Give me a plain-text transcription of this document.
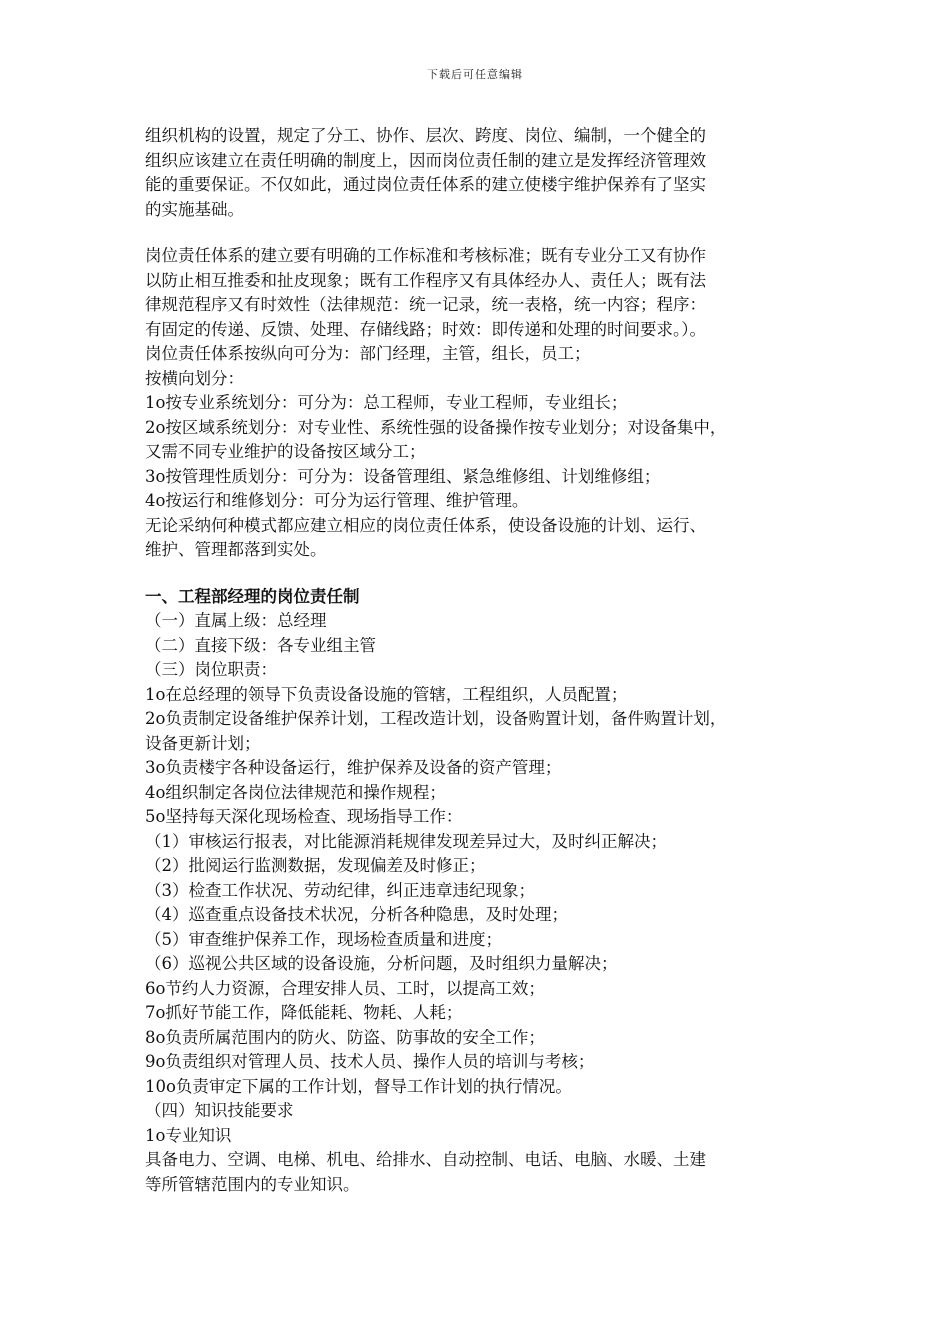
下载后可任意编辑
组织机构的设置，规定了分工、协作、层次、跨度、岗位、编制，一个健全的
组织应该建立在责任明确的制度上，因而岗位责任制的建立是发挥经济管理效
能的重要保证。不仅如此，通过岗位责任体系的建立使楼宇维护保养有了坚实
的实施基础。
岗位责任体系的建立要有明确的工作标准和考核标准；既有专业分工又有协作
以防止相互推委和扯皮现象；既有工作程序又有具体经办人、责任人；既有法
律规范程序又有时效性（法律规范：统一记录，统一表格，统一内容；程序：
有固定的传递、反馈、处理、存储线路；时效：即传递和处理的时间要求。）。
岗位责任体系按纵向可分为：部门经理，主管，组长，员工；
按横向划分：
1o按专业系统划分：可分为：总工程师，专业工程师，专业组长；
2o按区域系统划分：对专业性、系统性强的设备操作按专业划分；对设备集中，
又需不同专业维护的设备按区域分工；
3o按管理性质划分：可分为：设备管理组、紧急维修组、计划维修组；
4o按运行和维修划分：可分为运行管理、维护管理。
无论采纳何种模式都应建立相应的岗位责任体系，使设备设施的计划、运行、
维护、管理都落到实处。
一、工程部经理的岗位责任制
（一）直属上级：总经理
（二）直接下级：各专业组主管
（三）岗位职责：
1o在总经理的领导下负责设备设施的管辖，工程组织，人员配置；
2o负责制定设备维护保养计划，工程改造计划，设备购置计划，备件购置计划，
设备更新计划；
3o负责楼宇各种设备运行，维护保养及设备的资产管理；
4o组织制定各岗位法律规范和操作规程；
5o坚持每天深化现场检查、现场指导工作：
（1）审核运行报表，对比能源消耗规律发现差异过大，及时纠正解决；
（2）批阅运行监测数据，发现偏差及时修正；
（3）检查工作状况、劳动纪律，纠正违章违纪现象；
（4）巡查重点设备技术状况，分析各种隐患，及时处理；
（5）审查维护保养工作，现场检查质量和进度；
（6）巡视公共区域的设备设施，分析问题，及时组织力量解决；
6o节约人力资源，合理安排人员、工时，以提高工效；
7o抓好节能工作，降低能耗、物耗、人耗；
8o负责所属范围内的防火、防盗、防事故的安全工作；
9o负责组织对管理人员、技术人员、操作人员的培训与考核；
10o负责审定下属的工作计划，督导工作计划的执行情况。
（四）知识技能要求
1o专业知识
具备电力、空调、电梯、机电、给排水、自动控制、电话、电脑、水暖、土建
等所管辖范围内的专业知识。
